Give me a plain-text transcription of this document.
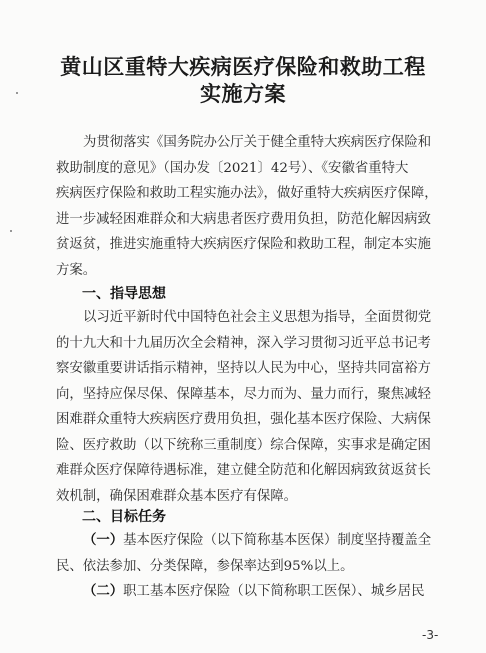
黄山区重特大疾病医疗保险和救助工程
实施方案
为贯彻落实《国务院办公厅关于健全重特大疾病医疗保险和
救助制度的意见》（国办发〔2021〕42号）、《安徽省重特大
疾病医疗保险和救助工程实施办法》，做好重特大疾病医疗保障，
进一步减轻困难群众和大病患者医疗费用负担，防范化解因病致
贫返贫，推进实施重特大疾病医疗保险和救助工程，制定本实施
方案。
一、指导思想
以习近平新时代中国特色社会主义思想为指导，全面贯彻党
的十九大和十九届历次全会精神，深入学习贯彻习近平总书记考
察安徽重要讲话指示精神，坚持以人民为中心，坚持共同富裕方
向，坚持应保尽保、保障基本，尽力而为、量力而行，聚焦减轻
困难群众重特大疾病医疗费用负担，强化基本医疗保险、大病保
险、医疗救助（以下统称三重制度）综合保障，实事求是确定困
难群众医疗保障待遇标准，建立健全防范和化解因病致贫返贫长
效机制，确保困难群众基本医疗有保障。
二、目标任务
（一）基本医疗保险（以下简称基本医保）制度坚持覆盖全
民、依法参加、分类保障，参保率达到95%以上。
（二）职工基本医疗保险（以下简称职工医保）、城乡居民
-3-
